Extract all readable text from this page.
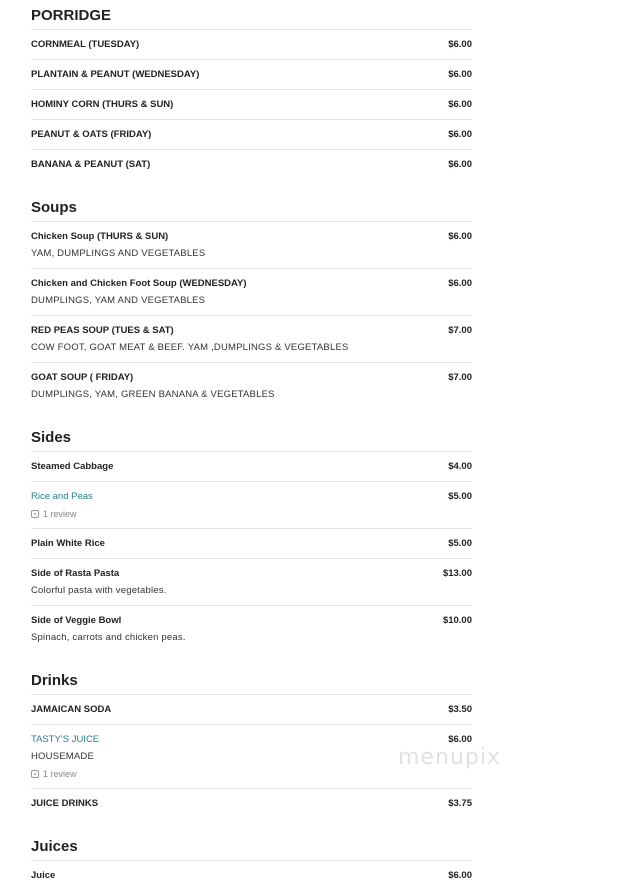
PORRIDGE
CORNMEAL (TUESDAY)	$6.00
PLANTAIN & PEANUT (WEDNESDAY)	$6.00
HOMINY CORN (THURS & SUN)	$6.00
PEANUT & OATS (FRIDAY)	$6.00
BANANA & PEANUT (SAT)	$6.00
Soups
Chicken Soup (THURS & SUN)	$6.00
YAM, DUMPLINGS AND VEGETABLES
Chicken and Chicken Foot Soup (WEDNESDAY)	$6.00
DUMPLINGS, YAM AND VEGETABLES
RED PEAS SOUP (TUES & SAT)	$7.00
COW FOOT, GOAT MEAT & BEEF. YAM ,DUMPLINGS & VEGETABLES
GOAT SOUP ( FRIDAY)	$7.00
DUMPLINGS, YAM, GREEN BANANA & VEGETABLES
Sides
Steamed Cabbage	$4.00
Rice and Peas	$5.00
1 review
Plain White Rice	$5.00
Side of Rasta Pasta	$13.00
Colorful pasta with vegetables.
Side of Veggie Bowl	$10.00
Spinach, carrots and chicken peas.
Drinks
JAMAICAN SODA	$3.50
TASTY'S JUICE	$6.00
HOUSEMADE
1 review
JUICE DRINKS	$3.75
Juices
Juice	$6.00
menupix
